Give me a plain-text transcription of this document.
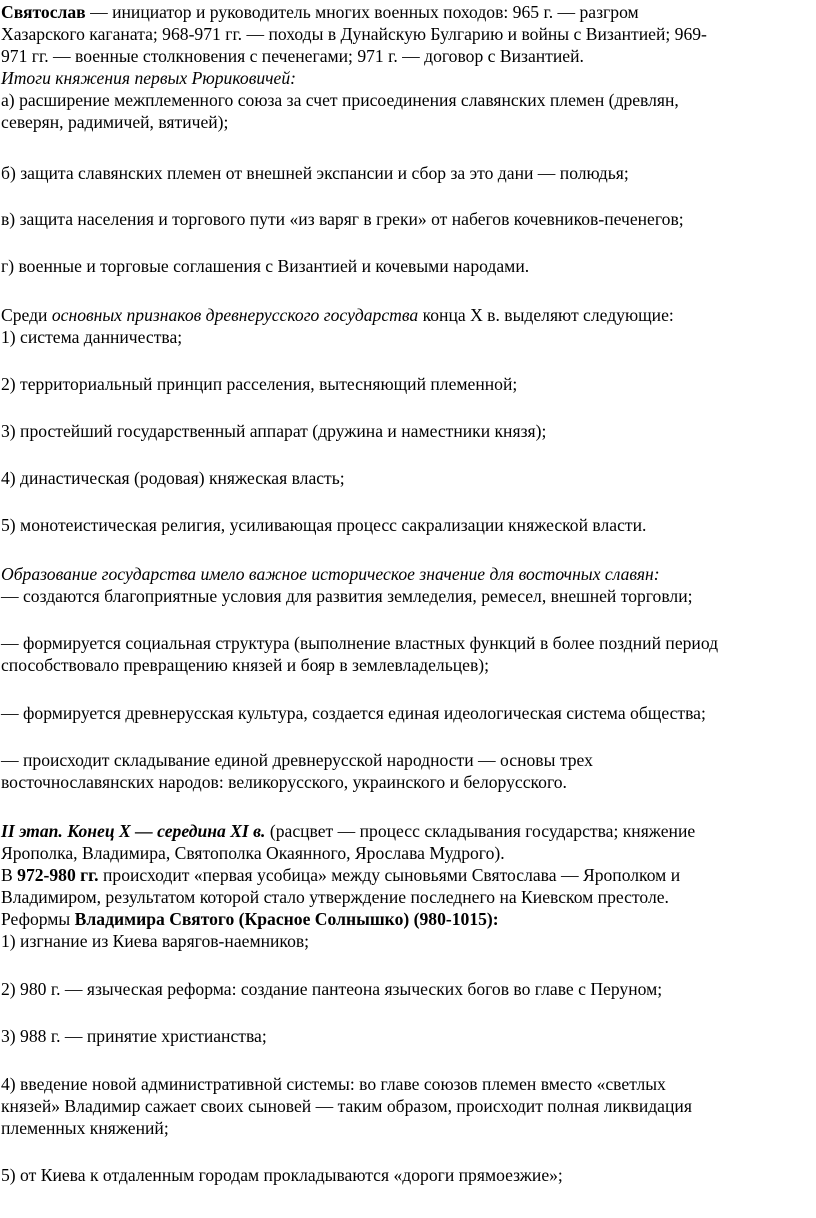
Святослав — инициатор и руководитель многих военных походов: 965 г. — разгром
Хазарского каганата; 968-971 гг. — походы в Дунайскую Булгарию и войны с Византией; 969-
971 гг. — военные столкновения с печенегами; 971 г. — договор с Византией.
Итоги княжения первых Рюриковичей:
а) расширение межплеменного союза за счет присоединения славянских племен (древлян,
северян, радимичей, вятичей);
б) защита славянских племен от внешней экспансии и сбор за это дани — полюдья;
в) защита населения и торгового пути «из варяг в греки» от набегов кочевников-печенегов;
г) военные и торговые соглашения с Византией и кочевыми народами.
Среди основных признаков древнерусского государства конца X в. выделяют следующие:
1) система данничества;
2) территориальный принцип расселения, вытесняющий племенной;
3) простейший государственный аппарат (дружина и наместники князя);
4) династическая (родовая) княжеская власть;
5) монотеистическая религия, усиливающая процесс сакрализации княжеской власти.
Образование государства имело важное историческое значение для восточных славян:
— создаются благоприятные условия для развития земледелия, ремесел, внешней торговли;
— формируется социальная структура (выполнение властных функций в более поздний период
способствовало превращению князей и бояр в землевладельцев);
— формируется древнерусская культура, создается единая идеологическая система общества;
— происходит складывание единой древнерусской народности — основы трех
восточнославянских народов: великорусского, украинского и белорусского.
II этап. Конец X — середина XI в. (расцвет — процесс складывания государства; княжение
Ярополка, Владимира, Святополка Окаянного, Ярослава Мудрого).
В 972-980 гг. происходит «первая усобица» между сыновьями Святослава — Ярополком и
Владимиром, результатом которой стало утверждение последнего на Киевском престоле.
Реформы Владимира Святого (Красное Солнышко) (980-1015):
1) изгнание из Киева варягов-наемников;
2) 980 г. — языческая реформа: создание пантеона языческих богов во главе с Перуном;
3) 988 г. — принятие христианства;
4) введение новой административной системы: во главе союзов племен вместо «светлых
князей» Владимир сажает своих сыновей — таким образом, происходит полная ликвидация
племенных княжений;
5) от Киева к отдаленным городам прокладываются «дороги прямоезжие»;
